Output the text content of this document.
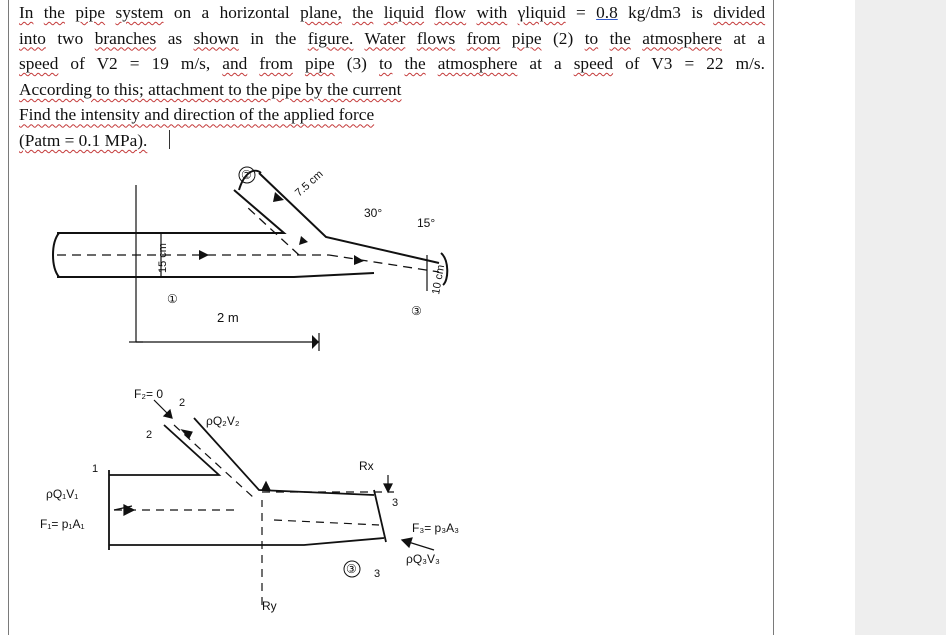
In the pipe system on a horizontal plane, the liquid flow with γliquid = 0.8 kg/dm3 is divided
into two branches as shown in the figure. Water flows from pipe (2) to the atmosphere at a
speed of V2 = 19 m/s, and from pipe (3) to the atmosphere at a speed of V3 = 22 m/s.
According to this; attachment to the pipe by the current
Find the intensity and direction of the applied force
(Patm = 0.1 MPa).
②	7.5 cm
30°
15°
15 cm
①
10 cm
③
2 m
F₂= 0
2
2
ρQ₂V₂
1
ρQ₁V₁
F₁= p₁A₁
Rx
3
F₃= p₃A₃
ρQ₃V₃
③ 3
Ry
